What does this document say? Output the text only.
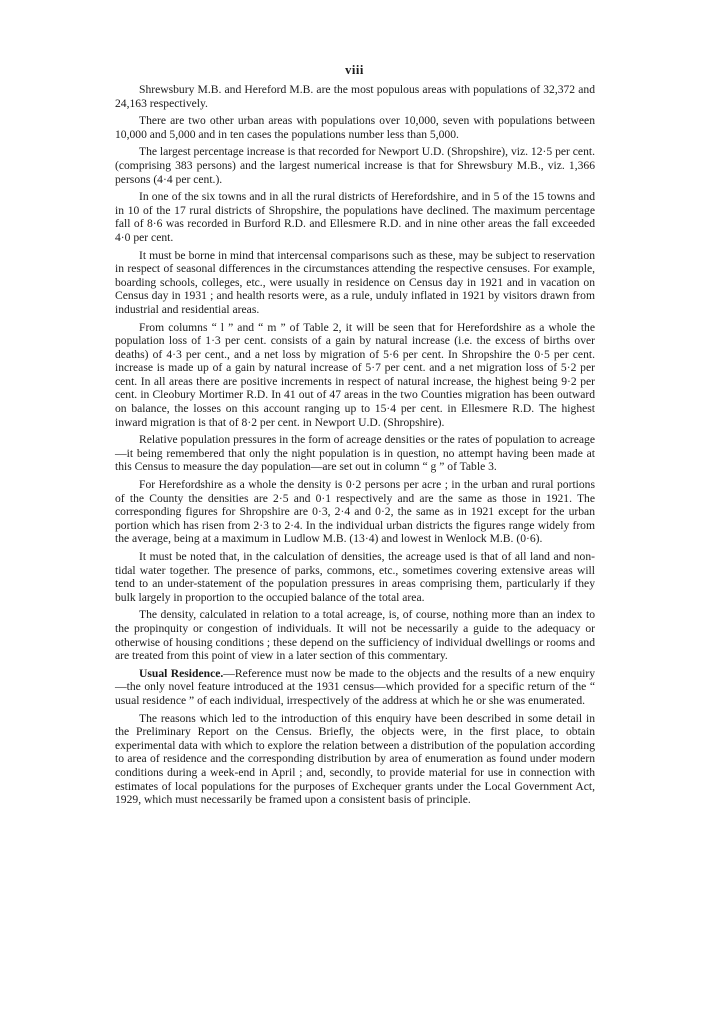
viii

Shrewsbury M.B. and Hereford M.B. are the most populous areas with populations of 32,372 and 24,163 respectively.

There are two other urban areas with populations over 10,000, seven with populations between 10,000 and 5,000 and in ten cases the populations number less than 5,000.

The largest percentage increase is that recorded for Newport U.D. (Shropshire), viz. 12·5 per cent. (comprising 383 persons) and the largest numerical increase is that for Shrewsbury M.B., viz. 1,366 persons (4·4 per cent.).

In one of the six towns and in all the rural districts of Herefordshire, and in 5 of the 15 towns and in 10 of the 17 rural districts of Shropshire, the populations have declined. The maximum percentage fall of 8·6 was recorded in Burford R.D. and Ellesmere R.D. and in nine other areas the fall exceeded 4·0 per cent.

It must be borne in mind that intercensal comparisons such as these, may be subject to reservation in respect of seasonal differences in the circumstances attending the respective censuses. For example, boarding schools, colleges, etc., were usually in residence on Census day in 1921 and in vacation on Census day in 1931 ; and health resorts were, as a rule, unduly inflated in 1921 by visitors drawn from industrial and residential areas.

From columns “ l ” and “ m ” of Table 2, it will be seen that for Herefordshire as a whole the population loss of 1·3 per cent. consists of a gain by natural increase (i.e. the excess of births over deaths) of 4·3 per cent., and a net loss by migration of 5·6 per cent. In Shropshire the 0·5 per cent. increase is made up of a gain by natural increase of 5·7 per cent. and a net migration loss of 5·2 per cent. In all areas there are positive increments in respect of natural increase, the highest being 9·2 per cent. in Cleobury Mortimer R.D. In 41 out of 47 areas in the two Counties migration has been outward on balance, the losses on this account ranging up to 15·4 per cent. in Ellesmere R.D. The highest inward migration is that of 8·2 per cent. in Newport U.D. (Shropshire).

Relative population pressures in the form of acreage densities or the rates of population to acreage—it being remembered that only the night population is in question, no attempt having been made at this Census to measure the day population—are set out in column “ g ” of Table 3.

For Herefordshire as a whole the density is 0·2 persons per acre ; in the urban and rural portions of the County the densities are 2·5 and 0·1 respectively and are the same as those in 1921. The corresponding figures for Shropshire are 0·3, 2·4 and 0·2, the same as in 1921 except for the urban portion which has risen from 2·3 to 2·4. In the individual urban districts the figures range widely from the average, being at a maximum in Ludlow M.B. (13·4) and lowest in Wenlock M.B. (0·6).

It must be noted that, in the calculation of densities, the acreage used is that of all land and non-tidal water together. The presence of parks, commons, etc., sometimes covering extensive areas will tend to an under-statement of the population pressures in areas comprising them, particularly if they bulk largely in proportion to the occupied balance of the total area.

The density, calculated in relation to a total acreage, is, of course, nothing more than an index to the propinquity or congestion of individuals. It will not be necessarily a guide to the adequacy or otherwise of housing conditions ; these depend on the sufficiency of individual dwellings or rooms and are treated from this point of view in a later section of this commentary.

Usual Residence.—Reference must now be made to the objects and the results of a new enquiry—the only novel feature introduced at the 1931 census—which provided for a specific return of the “ usual residence ” of each individual, irrespectively of the address at which he or she was enumerated.

The reasons which led to the introduction of this enquiry have been described in some detail in the Preliminary Report on the Census. Briefly, the objects were, in the first place, to obtain experimental data with which to explore the relation between a distribution of the population according to area of residence and the corresponding distribution by area of enumeration as found under modern conditions during a week-end in April ; and, secondly, to provide material for use in connection with estimates of local populations for the purposes of Exchequer grants under the Local Government Act, 1929, which must necessarily be framed upon a consistent basis of principle.
